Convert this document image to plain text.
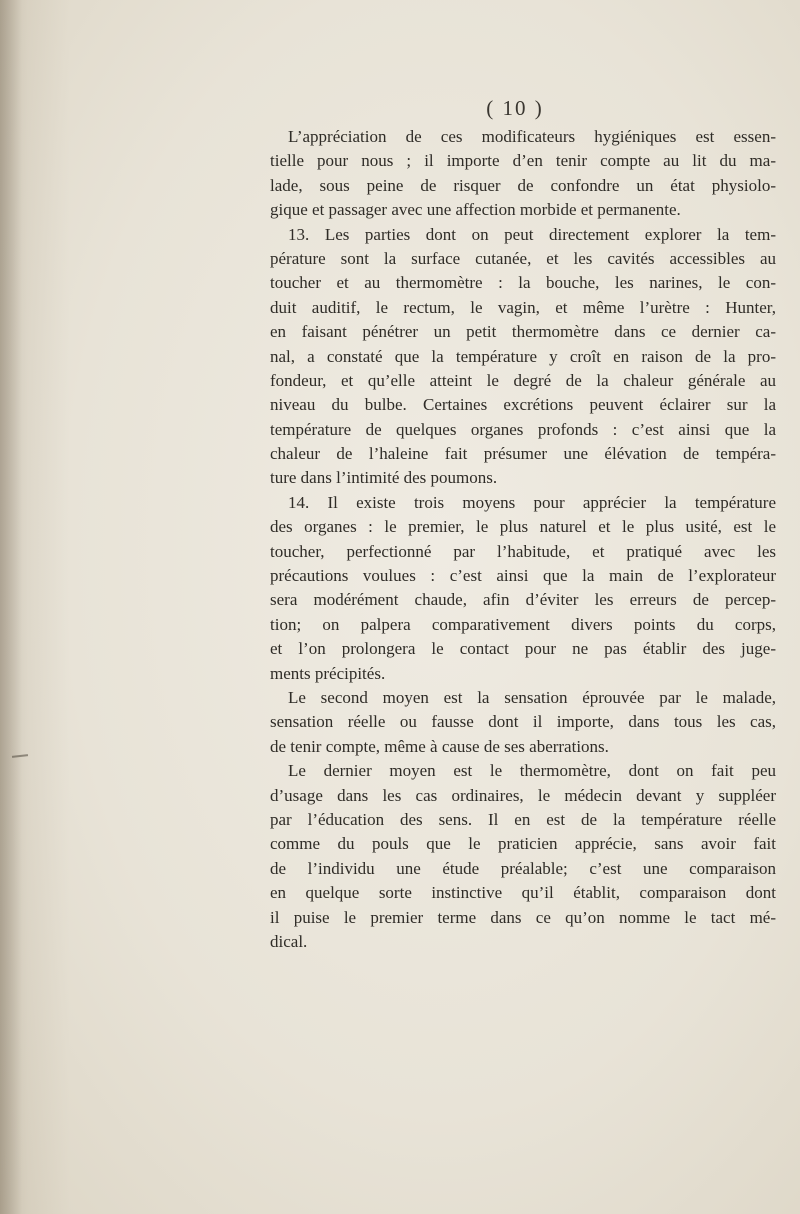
( 10 )

L’appréciation de ces modificateurs hygiéniques est essen-
tielle pour nous ; il importe d’en tenir compte au lit du ma-
lade, sous peine de risquer de confondre un état physiolo-
gique et passager avec une affection morbide et permanente.

13. Les parties dont on peut directement explorer la tem-
pérature sont la surface cutanée, et les cavités accessibles au
toucher et au thermomètre : la bouche, les narines, le con-
duit auditif, le rectum, le vagin, et même l’urètre : Hunter,
en faisant pénétrer un petit thermomètre dans ce dernier ca-
nal, a constaté que la température y croît en raison de la pro-
fondeur, et qu’elle atteint le degré de la chaleur générale au
niveau du bulbe. Certaines excrétions peuvent éclairer sur la
température de quelques organes profonds : c’est ainsi que la
chaleur de l’haleine fait présumer une élévation de tempéra-
ture dans l’intimité des poumons.

14. Il existe trois moyens pour apprécier la température
des organes : le premier, le plus naturel et le plus usité, est le
toucher, perfectionné par l’habitude, et pratiqué avec les
précautions voulues : c’est ainsi que la main de l’explorateur
sera modérément chaude, afin d’éviter les erreurs de percep-
tion; on palpera comparativement divers points du corps,
et l’on prolongera le contact pour ne pas établir des juge-
ments précipités.

Le second moyen est la sensation éprouvée par le malade,
sensation réelle ou fausse dont il importe, dans tous les cas,
de tenir compte, même à cause de ses aberrations.

Le dernier moyen est le thermomètre, dont on fait peu
d’usage dans les cas ordinaires, le médecin devant y suppléer
par l’éducation des sens. Il en est de la température réelle
comme du pouls que le praticien apprécie, sans avoir fait
de l’individu une étude préalable; c’est une comparaison
en quelque sorte instinctive qu’il établit, comparaison dont
il puise le premier terme dans ce qu’on nomme le tact mé-
dical.
